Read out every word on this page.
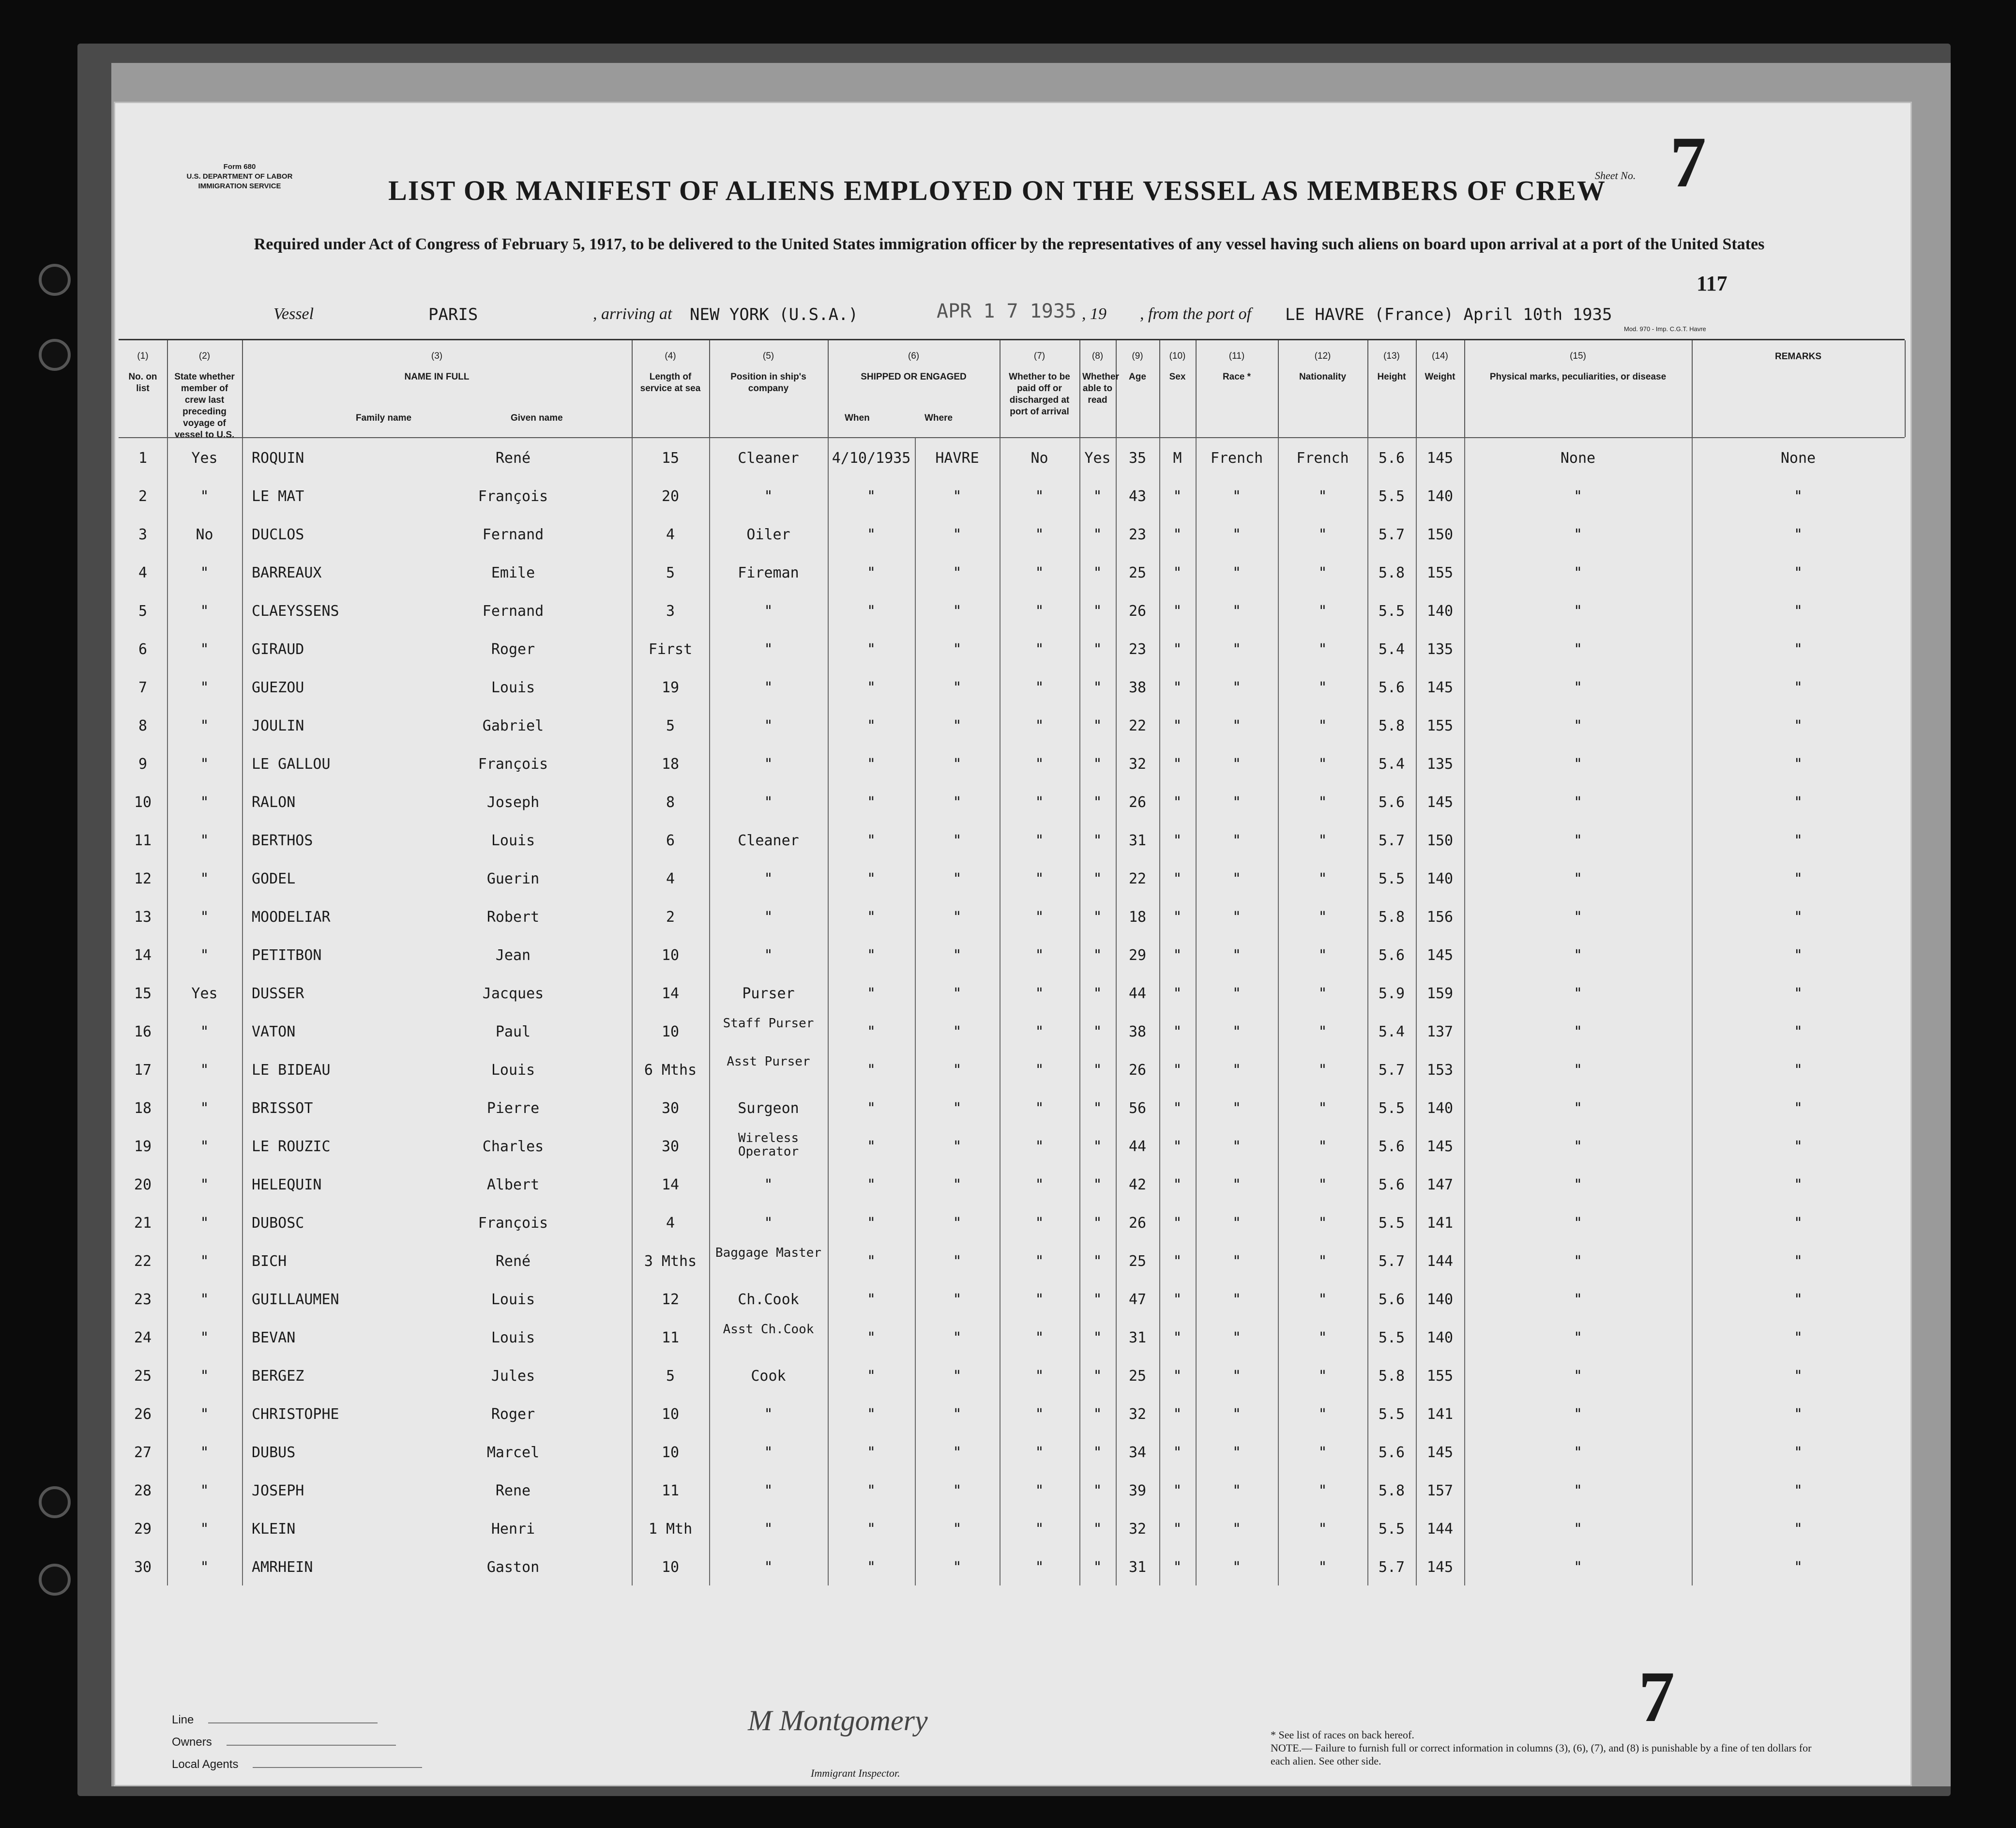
Form 680
U.S. DEPARTMENT OF LABOR
IMMIGRATION SERVICE
Sheet No. 7
LIST OR MANIFEST OF ALIENS EMPLOYED ON THE VESSEL AS MEMBERS OF CREW
Required under Act of Congress of February 5, 1917, to be delivered to the United States immigration officer by the representatives of any vessel having such aliens on board upon arrival at a port of the United States
117
Vessel	PARIS	, arriving at NEW YORK (U.S.A.)	APR 1 7 1935 , 19 , from the port of LE HAVRE (France) April 10th 1935
Mod. 970 - Imp. C.G.T. Havre
(1)
No. on list
(2)
State whether member of crew last preceding voyage of vessel to U.S.
(3)
NAME IN FULL
(4)
Length of service at sea
(5)
Position in ship's company
(6)
SHIPPED OR ENGAGED
(7)
Whether to be paid off or discharged at port of arrival
(8)
Whether able to read
(9)
Age
(10)
Sex
(11)
Race *
(12)
Nationality
(13)
Height
(14)
Weight
(15)
Physical marks, peculiarities, or disease
REMARKS
Family name	Given name	When	Where
1	Yes	ROQUIN	René	15	Cleaner	4/10/1935	HAVRE	No	Yes	35	M	French	French	5.6	145	None	None
2	"	LE MAT	François	20	"	"	"	"	"	43	"	"	"	5.5	140	"	"
3	No	DUCLOS	Fernand	4	Oiler	"	"	"	"	23	"	"	"	5.7	150	"	"
4	"	BARREAUX	Emile	5	Fireman	"	"	"	"	25	"	"	"	5.8	155	"	"
5	"	CLAEYSSENS	Fernand	3	"	"	"	"	"	26	"	"	"	5.5	140	"	"
6	"	GIRAUD	Roger	First	"	"	"	"	"	23	"	"	"	5.4	135	"	"
7	"	GUEZOU	Louis	19	"	"	"	"	"	38	"	"	"	5.6	145	"	"
8	"	JOULIN	Gabriel	5	"	"	"	"	"	22	"	"	"	5.8	155	"	"
9	"	LE GALLOU	François	18	"	"	"	"	"	32	"	"	"	5.4	135	"	"
10	"	RALON	Joseph	8	"	"	"	"	"	26	"	"	"	5.6	145	"	"
11	"	BERTHOS	Louis	6	Cleaner	"	"	"	"	31	"	"	"	5.7	150	"	"
12	"	GODEL	Guerin	4	"	"	"	"	"	22	"	"	"	5.5	140	"	"
13	"	MOODELIAR	Robert	2	"	"	"	"	"	18	"	"	"	5.8	156	"	"
14	"	PETITBON	Jean	10	"	"	"	"	"	29	"	"	"	5.6	145	"	"
15	Yes	DUSSER	Jacques	14	Purser	"	"	"	"	44	"	"	"	5.9	159	"	"
16	"	VATON	Paul	10	Staff Purser	"	"	"	"	38	"	"	"	5.4	137	"	"
17	"	LE BIDEAU	Louis	6 Mths	Asst Purser	"	"	"	"	26	"	"	"	5.7	153	"	"
18	"	BRISSOT	Pierre	30	Surgeon	"	"	"	"	56	"	"	"	5.5	140	"	"
19	"	LE ROUZIC	Charles	30	Wireless Operator	"	"	"	"	44	"	"	"	5.6	145	"	"
20	"	HELEQUIN	Albert	14	"	"	"	"	"	42	"	"	"	5.6	147	"	"
21	"	DUBOSC	François	4	"	"	"	"	"	26	"	"	"	5.5	141	"	"
22	"	BICH	René	3 Mths	Baggage Master	"	"	"	"	25	"	"	"	5.7	144	"	"
23	"	GUILLAUMEN	Louis	12	Ch.Cook	"	"	"	"	47	"	"	"	5.6	140	"	"
24	"	BEVAN	Louis	11	Asst Ch.Cook	"	"	"	"	31	"	"	"	5.5	140	"	"
25	"	BERGEZ	Jules	5	Cook	"	"	"	"	25	"	"	"	5.8	155	"	"
26	"	CHRISTOPHE	Roger	10	"	"	"	"	"	32	"	"	"	5.5	141	"	"
27	"	DUBUS	Marcel	10	"	"	"	"	"	34	"	"	"	5.6	145	"	"
28	"	JOSEPH	Rene	11	"	"	"	"	"	39	"	"	"	5.8	157	"	"
29	"	KLEIN	Henri	1 Mth	"	"	"	"	"	32	"	"	"	5.5	144	"	"
30	"	AMRHEIN	Gaston	10	"	"	"	"	"	31	"	"	"	5.7	145	"	"
Line
Owners
Local Agents
M Montgomery
Immigrant Inspector.
* See list of races on back hereof.
NOTE.— Failure to furnish full or correct information in columns (3), (6), (7), and (8) is punishable by a fine of ten dollars for each alien. See other side.
7
